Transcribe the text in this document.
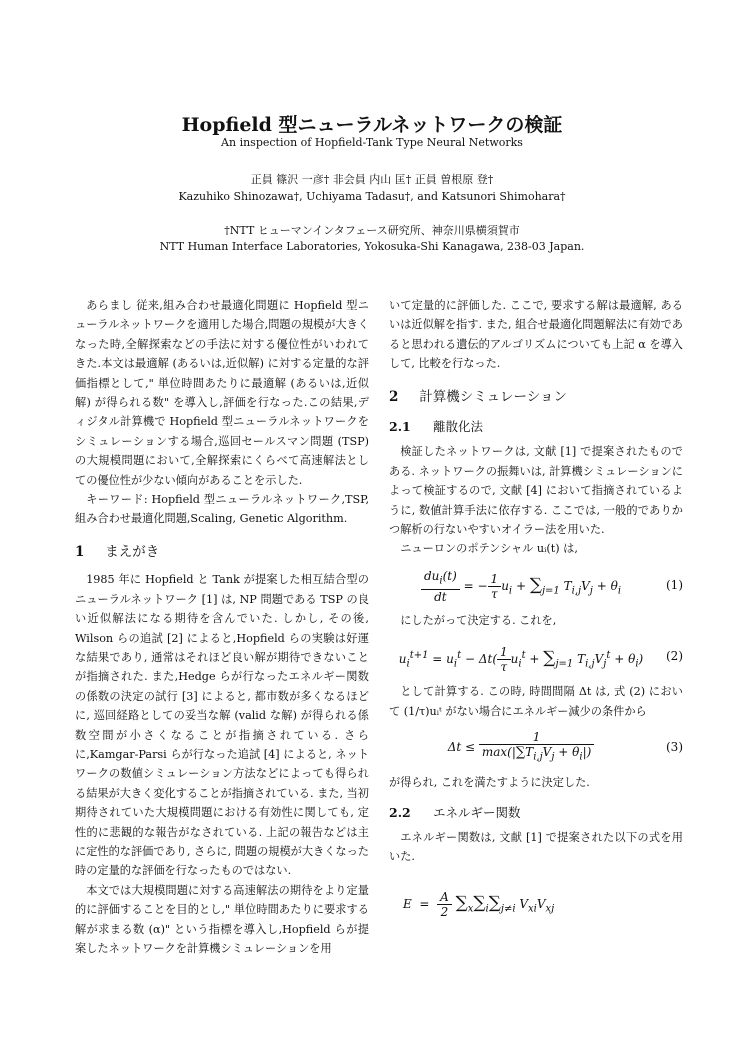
Hopfield 型ニューラルネットワークの検証
An inspection of Hopfield-Tank Type Neural Networks
正員 篠沢 一彦† 非会員 内山 匡† 正員 曽根原 登†
Kazuhiko Shinozawa†, Uchiyama Tadasu†, and Katsunori Shimohara†
†NTT ヒューマンインタフェース研究所、神奈川県横須賀市
NTT Human Interface Laboratories, Yokosuka-Shi Kanagawa, 238-03 Japan.

あらまし 従来,組み合わせ最適化問題に Hopfield 型ニューラルネットワークを適用した場合,問題の規模が大きくなった時,全解探索などの手法に対する優位性がいわれてきた.本文は最適解 (あるいは,近似解) に対する定量的な評価指標として," 単位時間あたりに最適解 (あるいは,近似解) が得られる数" を導入し,評価を行なった.この結果,ディジタル計算機で Hopfield 型ニューラルネットワークをシミュレーションする場合,巡回セールスマン問題 (TSP) の大規模問題において,全解探索にくらべて高速解法としての優位性が少ない傾向があることを示した.

キーワード: Hopfield 型ニューラルネットワーク,TSP,組み合わせ最適化問題,Scaling, Genetic Algorithm.

1 まえがき

1985 年に Hopfield と Tank が提案した相互結合型のニューラルネットワーク [1] は, NP 問題である TSP の良い近似解法になる期待を含んでいた. しかし, その後, Wilson らの追試 [2] によると,Hopfield らの実験は好運な結果であり, 通常はそれほど良い解が期待できないことが指摘された. また,Hedge らが行なったエネルギー関数の係数の決定の試行 [3] によると, 都市数が多くなるほどに, 巡回経路としての妥当な解 (valid な解) が得られる係数空間が小さくなることが指摘されている. さらに,Kamgar-Parsi らが行なった追試 [4] によると, ネットワークの数値シミュレーション方法などによっても得られる結果が大きく変化することが指摘されている. また, 当初期待されていた大規模問題における有効性に関しても, 定性的に悲観的な報告がなされている. 上記の報告などは主に定性的な評価であり, さらに, 問題の規模が大きくなった時の定量的な評価を行なったものではない.

本文では大規模問題に対する高速解法の期待をより定量的に評価することを目的とし," 単位時間あたりに要求する解が求まる数 (α)" という指標を導入し,Hopfield らが提案したネットワークを計算機シミュレーションを用

いて定量的に評価した. ここで, 要求する解は最適解, あるいは近似解を指す. また, 組合せ最適化問題解法に有効であると思われる遺伝的アルゴリズムについても上記 α を導入して, 比較を行なった.

2 計算機シミュレーション
2.1 離散化法

検証したネットワークは, 文献 [1] で提案されたものである. ネットワークの振舞いは, 計算機シミュレーションによって検証するので, 文献 [4] において指摘されているように, 数値計算手法に依存する. ここでは, 一般的でありかつ解析の行ないやすいオイラー法を用いた.

ニューロンのポテンシャル uᵢ(t) は,

$\frac{du_i(t)}{dt}$ = − $\frac{1}{\tau} u_i + \sum_{j=1}$ $T_{i,j}V_j + \theta_i$	(1)

にしたがって決定する. これを,

$u_i^{t+1} = u_i^t - \Delta t( \frac{1}{\tau} u_i^t + \sum_{j=1}$ $T_{i,j}V_j^t + \theta_i$)	(2)

として計算する. この時, 時間間隔 Δt は, 式 (2) において (1/τ)uᵢᵗ がない場合にエネルギー減少の条件から

$\Delta t \le \frac{1}{\max(|\sum T_{i,j}V_j + \theta_i|)}$	(3)

が得られ, これを満たすように決定した.

2.2 エネルギー関数

エネルギー関数は, 文献 [1] で提案された以下の式を用いた.

$E = \frac{A}{2} \sum_x\sum_i\sum_{j\ne i}$ $V_{xi}V_{xj}$
